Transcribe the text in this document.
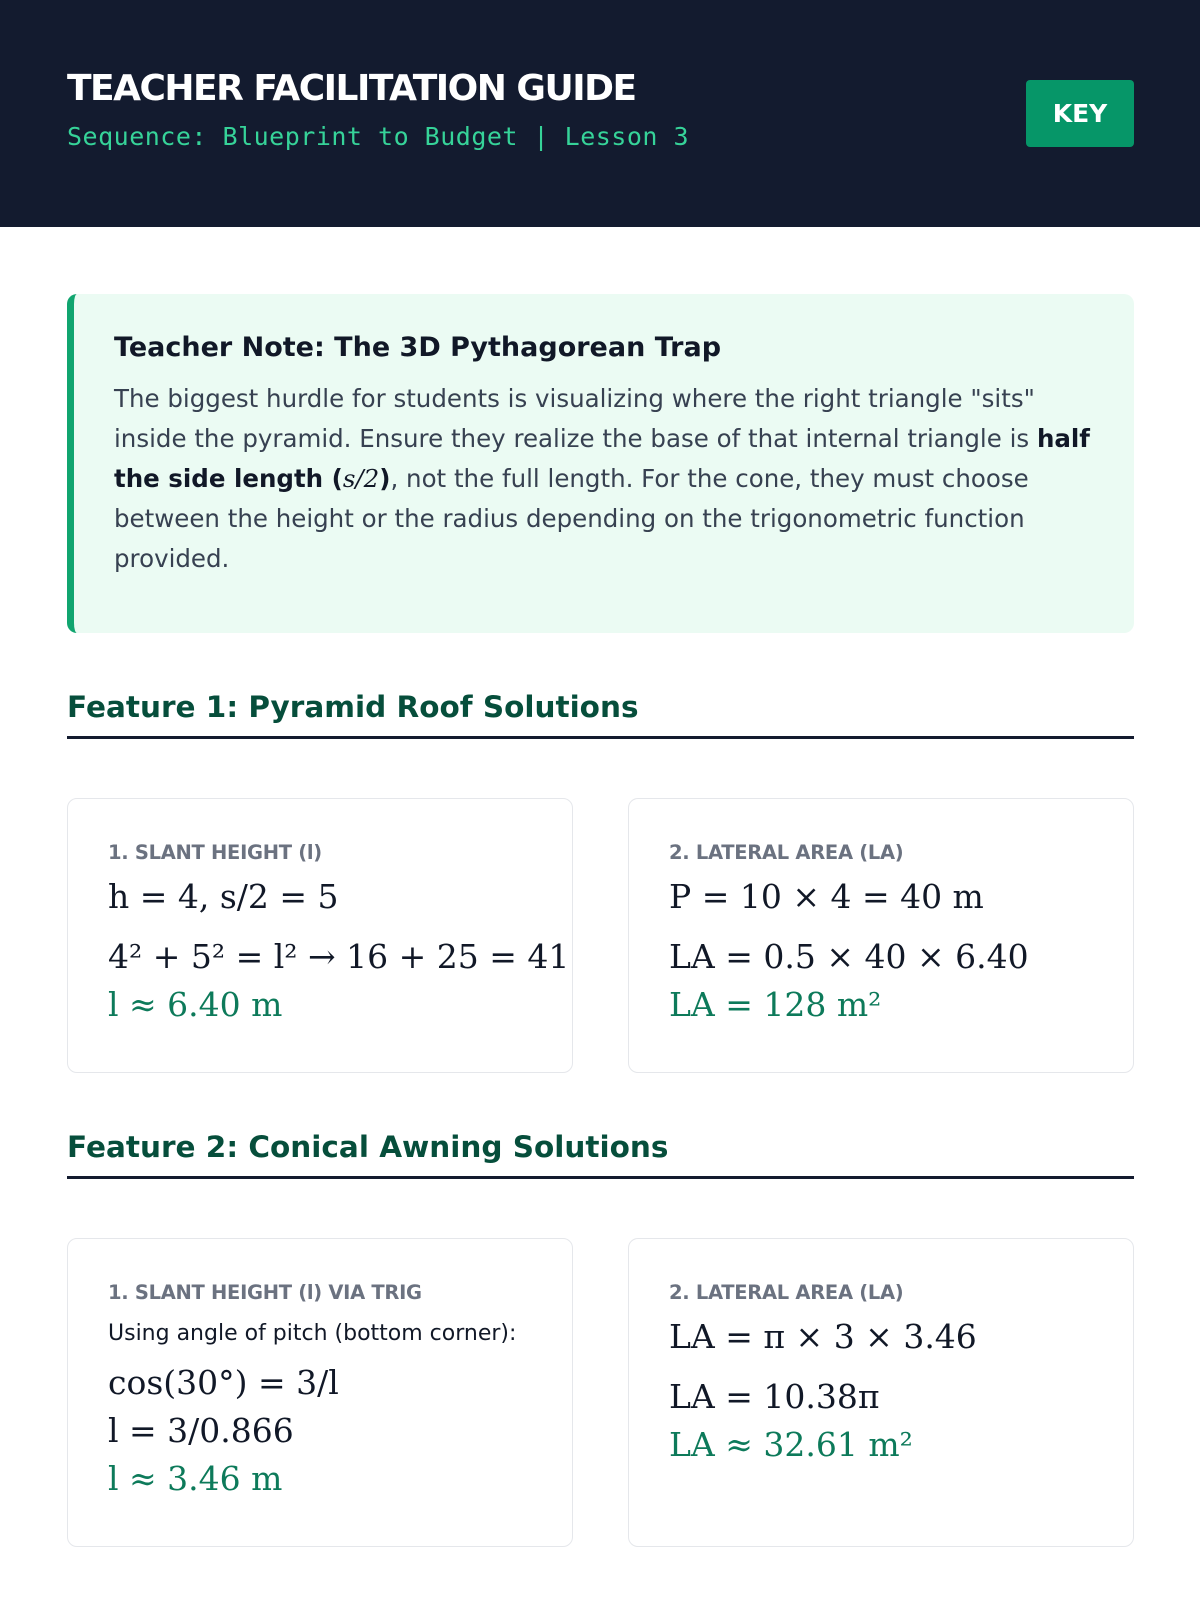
TEACHER FACILITATION GUIDE
Sequence: Blueprint to Budget | Lesson 3
KEY
Teacher Note: The 3D Pythagorean Trap

The biggest hurdle for students is visualizing where the right triangle "sits" inside the pyramid. Ensure they realize the base of that internal triangle is half the side length (s/2), not the full length. For the cone, they must choose between the height or the radius depending on the trigonometric function provided.

Feature 1: Pyramid Roof Solutions
1. SLANT HEIGHT (l)
h = 4, s/2 = 5
4² + 5² = l² → 16 + 25 = 41
l ≈ 6.40 m
2. LATERAL AREA (LA)
P = 10 × 4 = 40 m
LA = 0.5 × 40 × 6.40
LA = 128 m²
Feature 2: Conical Awning Solutions
1. SLANT HEIGHT (l) VIA TRIG
Using angle of pitch (bottom corner):
cos(30°) = 3/l
l = 3/0.866
l ≈ 3.46 m
2. LATERAL AREA (LA)
LA = π × 3 × 3.46
LA = 10.38π
LA ≈ 32.61 m²
